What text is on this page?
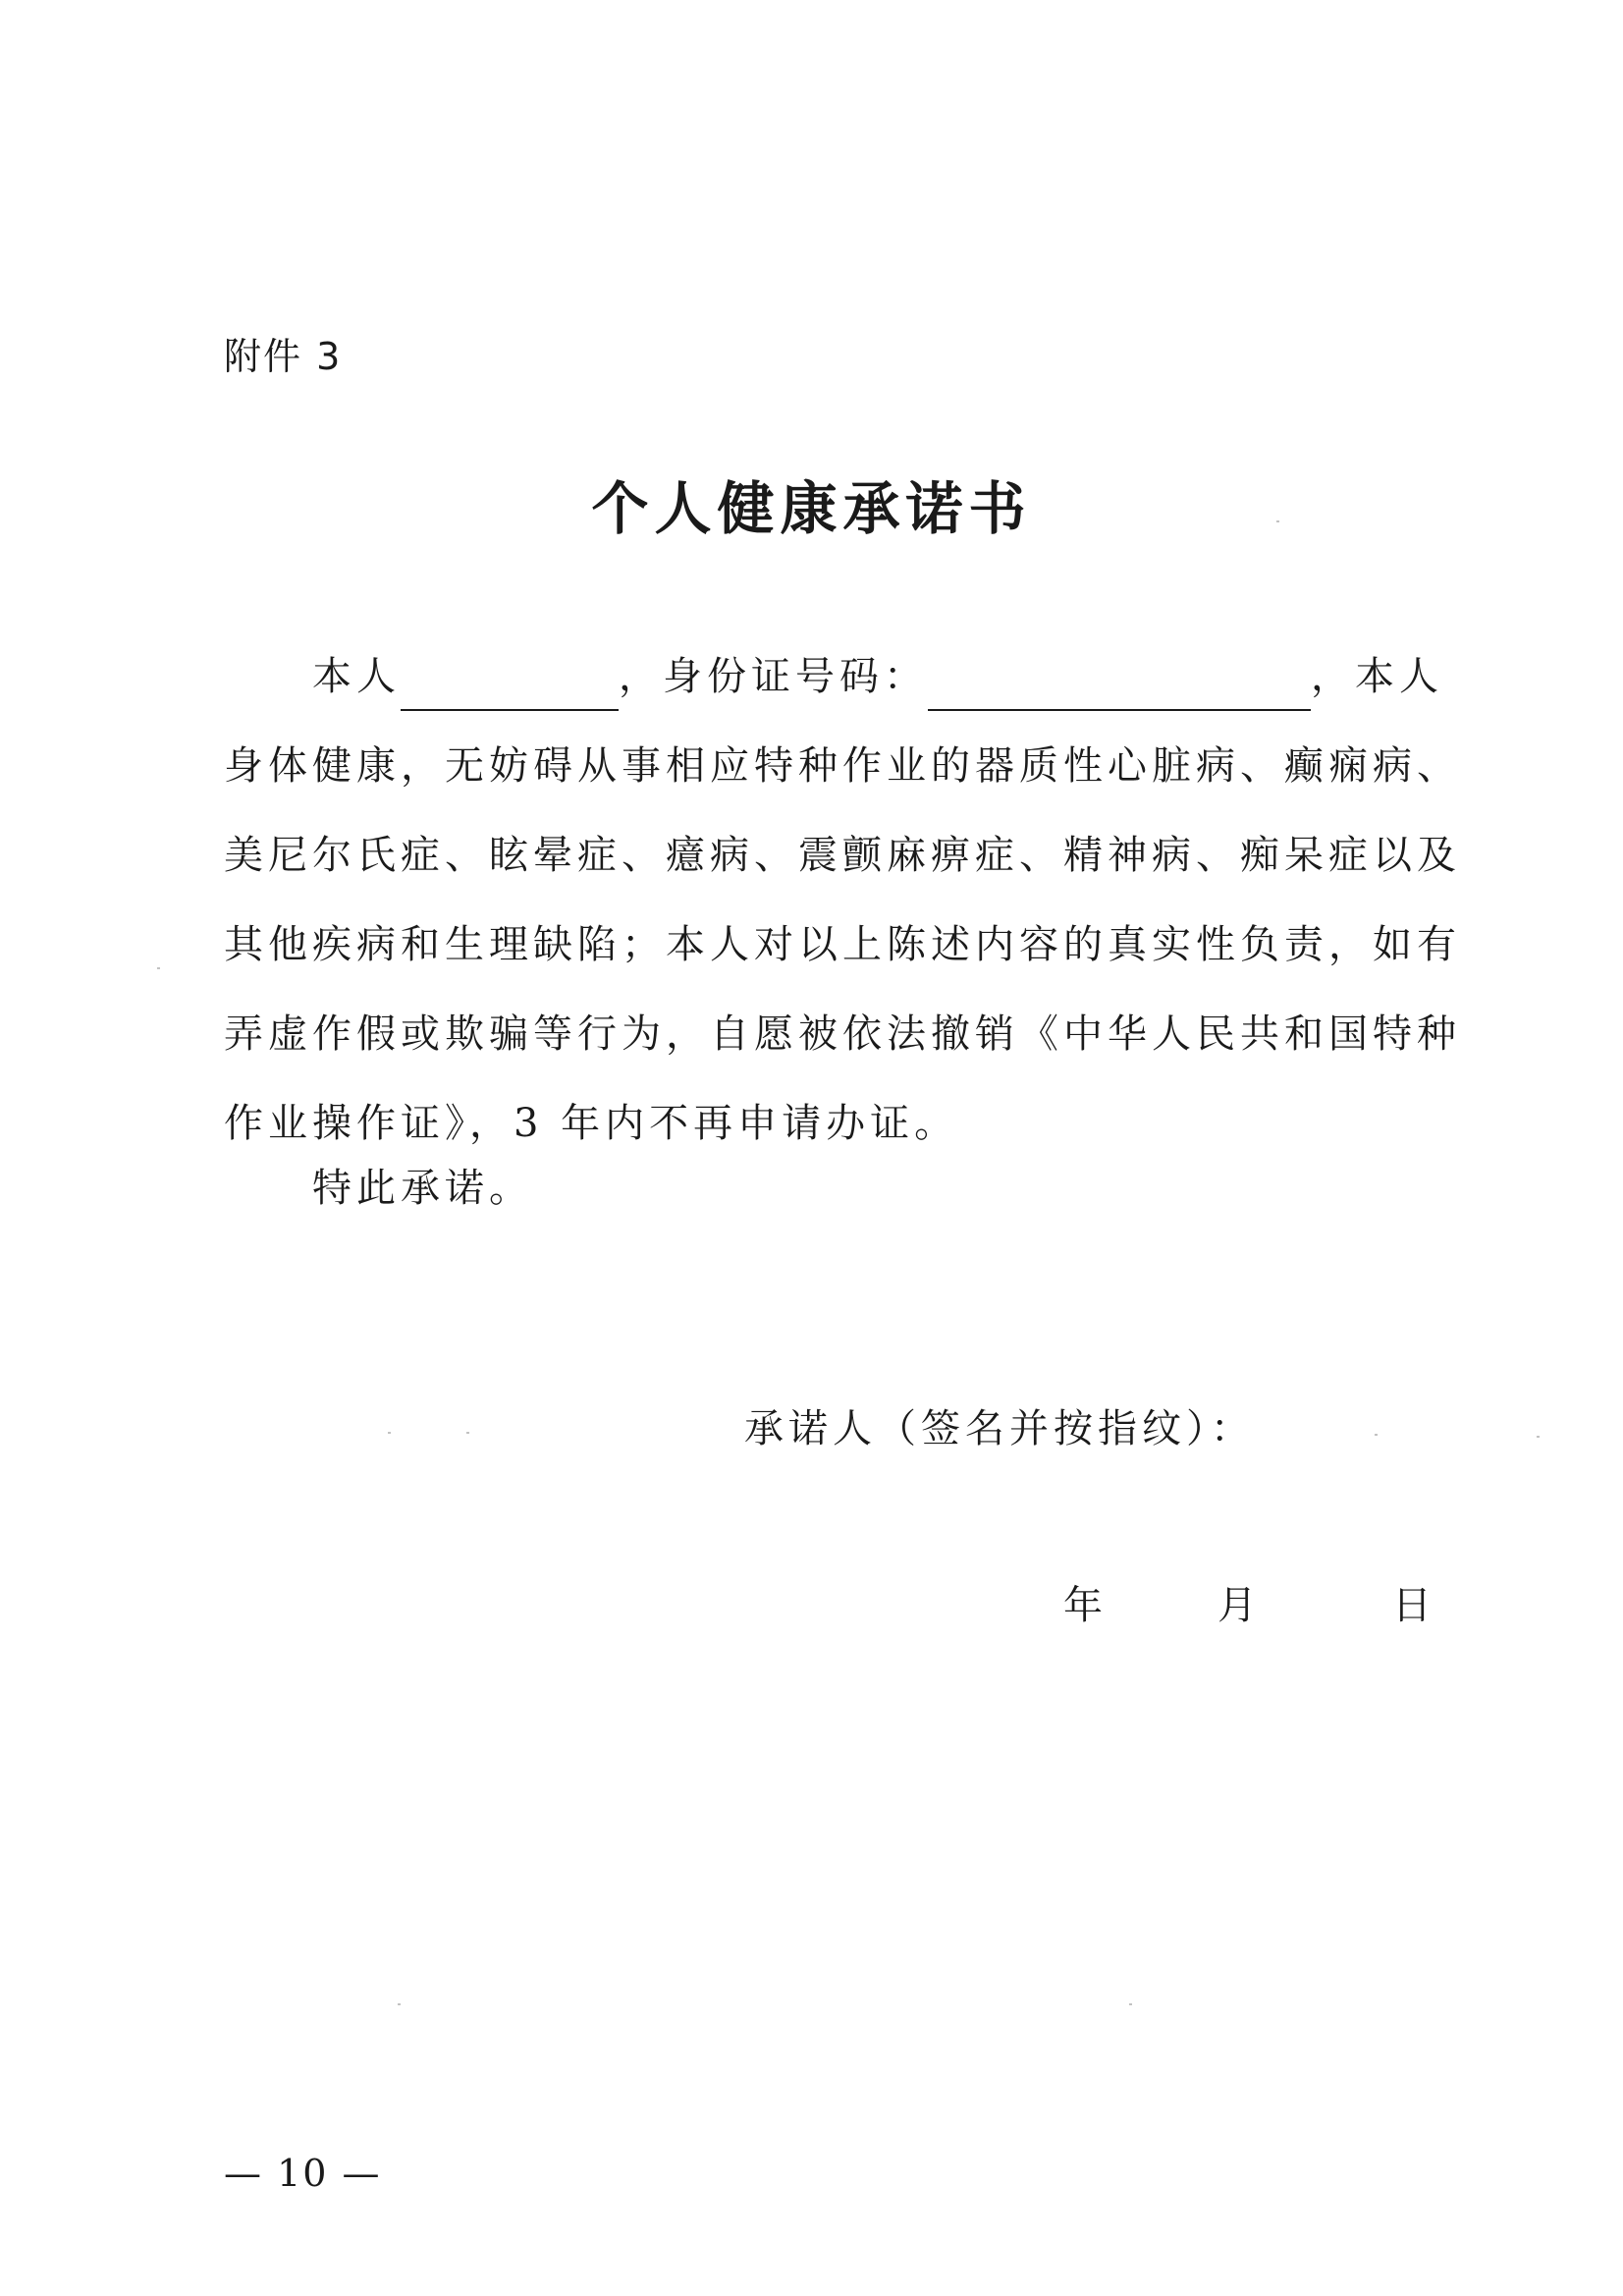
附件 3
个人健康承诺书
本人	，身份证号码：	，本人
身体健康，无妨碍从事相应特种作业的器质性心脏病、癫痫病、
美尼尔氏症、眩晕症、癔病、震颤麻痹症、精神病、痴呆症以及
其他疾病和生理缺陷；本人对以上陈述内容的真实性负责，如有
弄虚作假或欺骗等行为，自愿被依法撤销《中华人民共和国特种
作业操作证》，3 年内不再申请办证。
特此承诺。
承诺人（签名并按指纹）：
年	月	日
— 10 —
